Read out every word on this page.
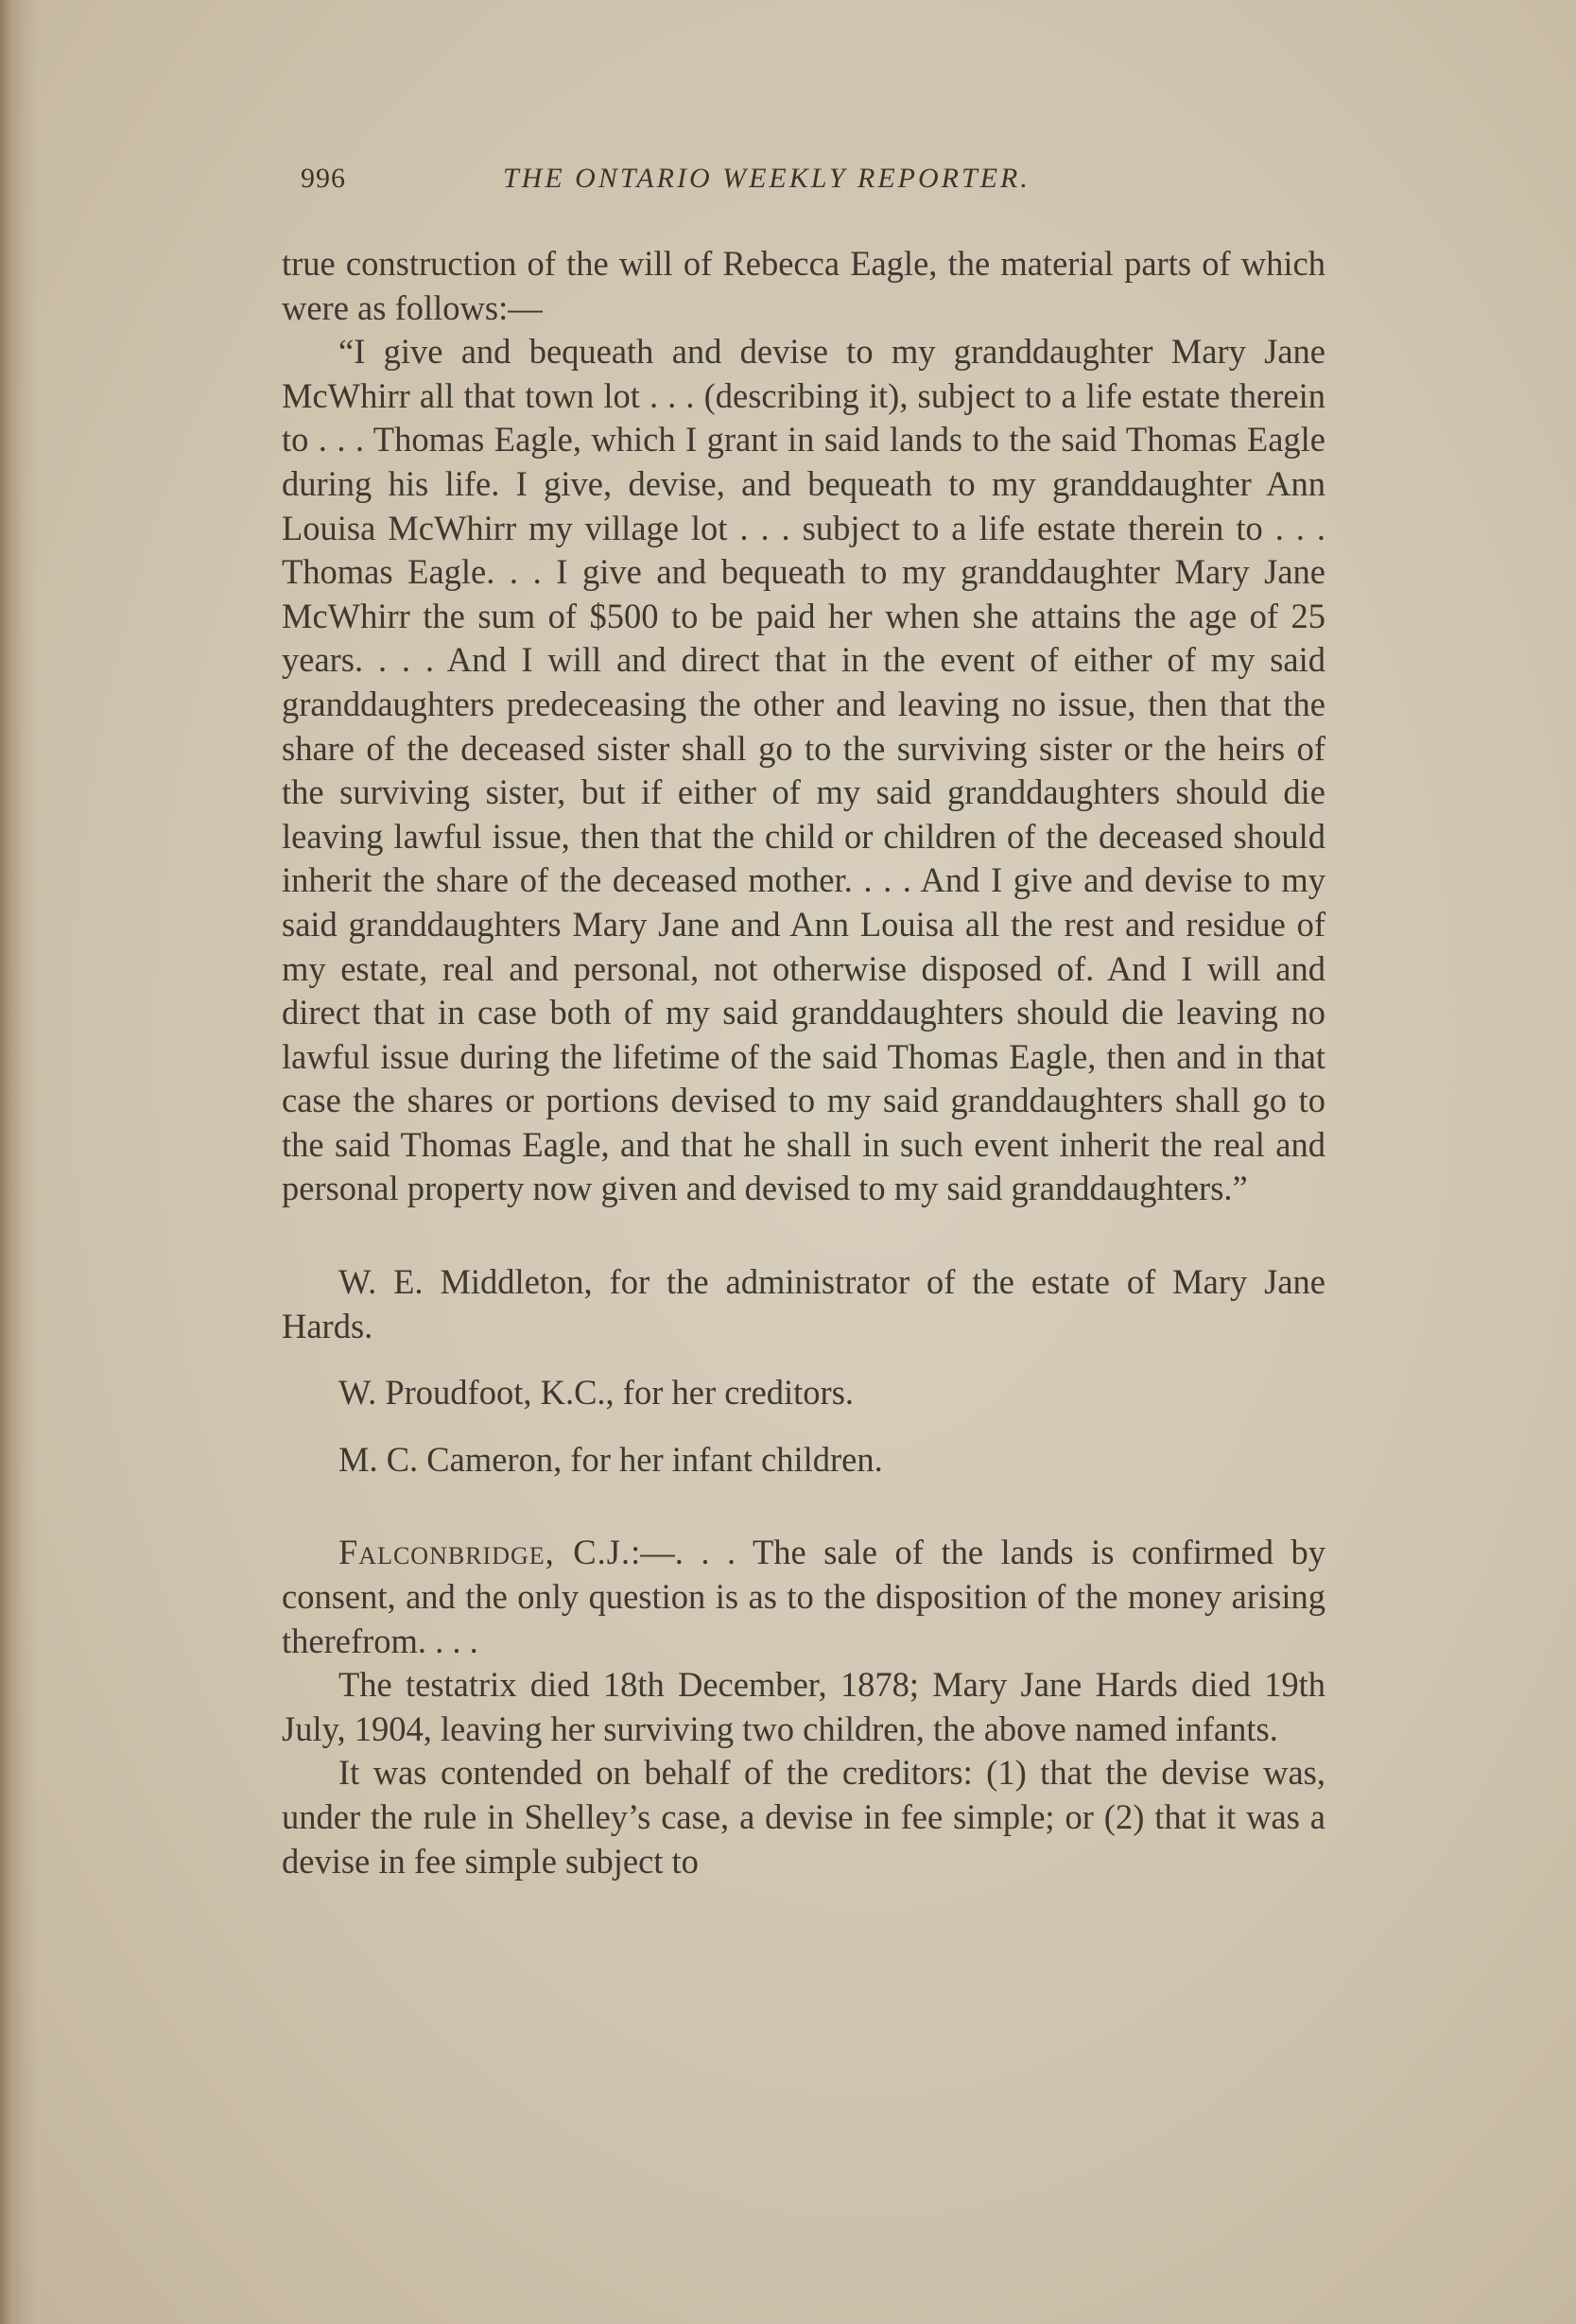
996	THE ONTARIO WEEKLY REPORTER.

true construction of the will of Rebecca Eagle, the material parts of which were as follows:—

“I give and bequeath and devise to my granddaughter Mary Jane McWhirr all that town lot . . . (describing it), subject to a life estate therein to . . . Thomas Eagle, which I grant in said lands to the said Thomas Eagle during his life. I give, devise, and bequeath to my granddaughter Ann Louisa McWhirr my village lot . . . subject to a life estate therein to . . . Thomas Eagle. . . I give and bequeath to my granddaughter Mary Jane McWhirr the sum of $500 to be paid her when she attains the age of 25 years. . . . And I will and direct that in the event of either of my said granddaughters predeceasing the other and leaving no issue, then that the share of the deceased sister shall go to the surviving sister or the heirs of the surviving sister, but if either of my said granddaughters should die leaving lawful issue, then that the child or children of the deceased should inherit the share of the deceased mother. . . . And I give and devise to my said granddaughters Mary Jane and Ann Louisa all the rest and residue of my estate, real and personal, not otherwise disposed of. And I will and direct that in case both of my said granddaughters should die leaving no lawful issue during the lifetime of the said Thomas Eagle, then and in that case the shares or portions devised to my said granddaughters shall go to the said Thomas Eagle, and that he shall in such event inherit the real and personal property now given and devised to my said granddaughters.”

W. E. Middleton, for the administrator of the estate of Mary Jane Hards.

W. Proudfoot, K.C., for her creditors.

M. C. Cameron, for her infant children.

Falconbridge, C.J.:—. . . The sale of the lands is confirmed by consent, and the only question is as to the disposition of the money arising therefrom. . . .

The testatrix died 18th December, 1878; Mary Jane Hards died 19th July, 1904, leaving her surviving two children, the above named infants.

It was contended on behalf of the creditors: (1) that the devise was, under the rule in Shelley’s case, a devise in fee simple; or (2) that it was a devise in fee simple subject to
